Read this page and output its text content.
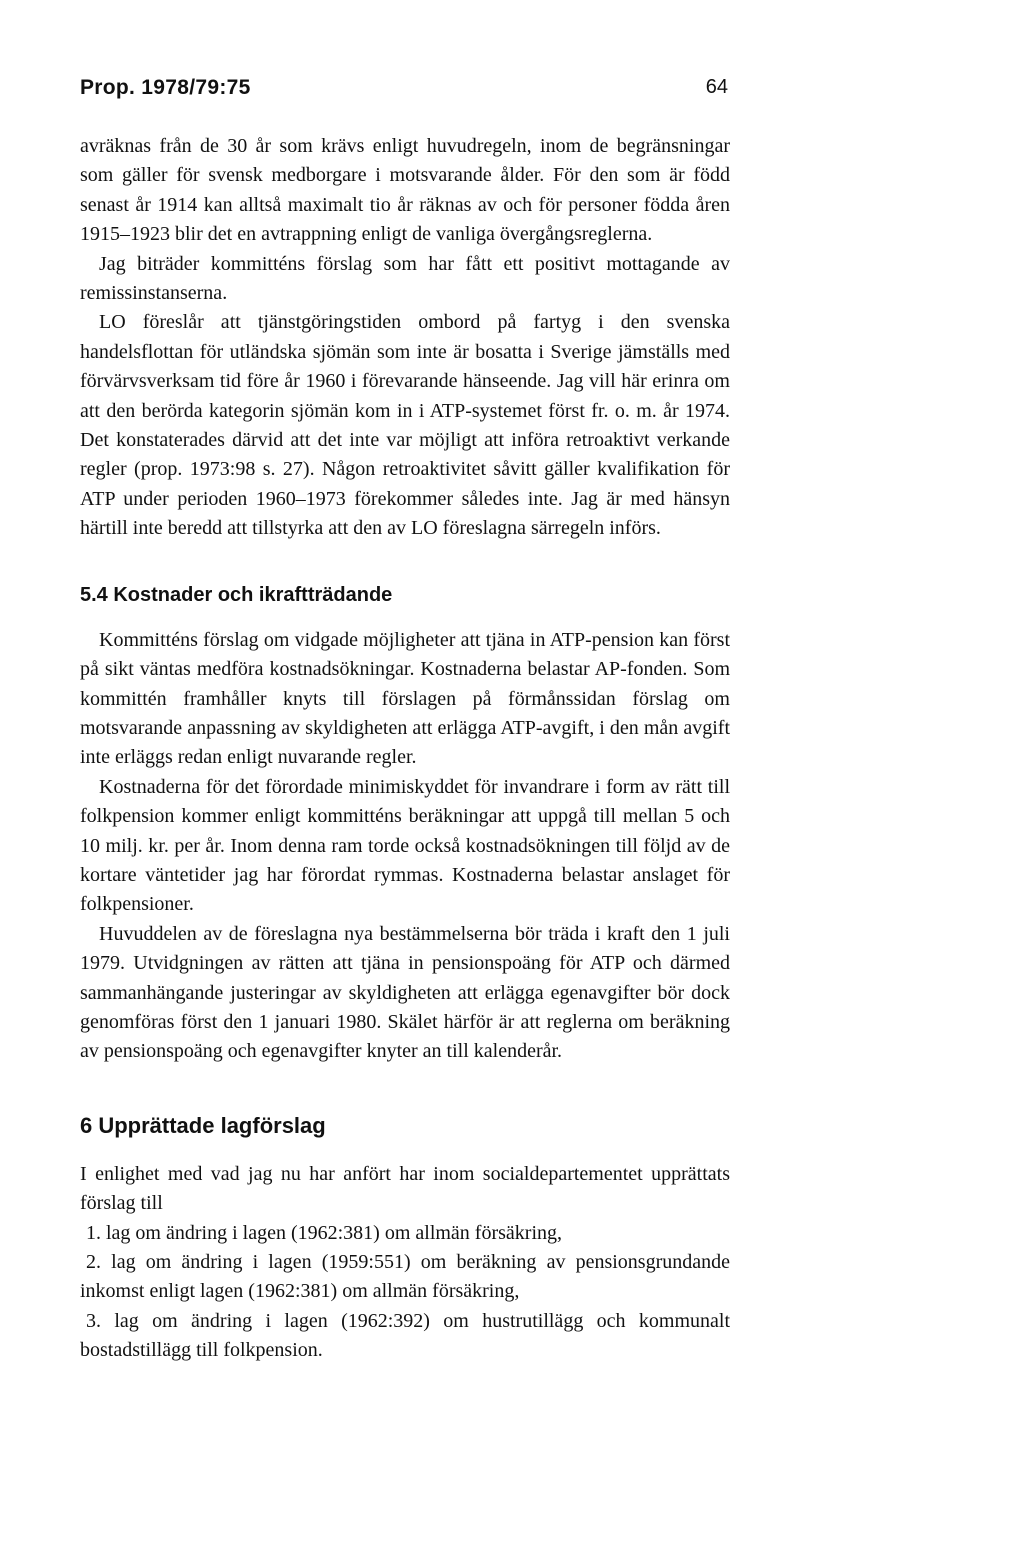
Prop. 1978/79:75	64

avräknas från de 30 år som krävs enligt huvudregeln, inom de begränsningar som gäller för svensk medborgare i motsvarande ålder. För den som är född senast år 1914 kan alltså maximalt tio år räknas av och för personer födda åren 1915–1923 blir det en avtrappning enligt de vanliga övergångsreglerna.

Jag biträder kommitténs förslag som har fått ett positivt mottagande av remissinstanserna.

LO föreslår att tjänstgöringstiden ombord på fartyg i den svenska handelsflottan för utländska sjömän som inte är bosatta i Sverige jämställs med förvärvsverksam tid före år 1960 i förevarande hänseende. Jag vill här erinra om att den berörda kategorin sjömän kom in i ATP-systemet först fr. o. m. år 1974. Det konstaterades därvid att det inte var möjligt att införa retroaktivt verkande regler (prop. 1973:98 s. 27). Någon retroaktivitet såvitt gäller kvalifikation för ATP under perioden 1960–1973 förekommer således inte. Jag är med hänsyn härtill inte beredd att tillstyrka att den av LO föreslagna särregeln införs.

5.4 Kostnader och ikraftträdande

Kommitténs förslag om vidgade möjligheter att tjäna in ATP-pension kan först på sikt väntas medföra kostnadsökningar. Kostnaderna belastar AP-fonden. Som kommittén framhåller knyts till förslagen på förmånssidan förslag om motsvarande anpassning av skyldigheten att erlägga ATP-avgift, i den mån avgift inte erläggs redan enligt nuvarande regler.

Kostnaderna för det förordade minimiskyddet för invandrare i form av rätt till folkpension kommer enligt kommitténs beräkningar att uppgå till mellan 5 och 10 milj. kr. per år. Inom denna ram torde också kostnadsökningen till följd av de kortare väntetider jag har förordat rymmas. Kostnaderna belastar anslaget för folkpensioner.

Huvuddelen av de föreslagna nya bestämmelserna bör träda i kraft den 1 juli 1979. Utvidgningen av rätten att tjäna in pensionspoäng för ATP och därmed sammanhängande justeringar av skyldigheten att erlägga egenavgifter bör dock genomföras först den 1 januari 1980. Skälet härför är att reglerna om beräkning av pensionspoäng och egenavgifter knyter an till kalenderår.

6 Upprättade lagförslag

I enlighet med vad jag nu har anfört har inom socialdepartementet upprättats förslag till

1. lag om ändring i lagen (1962:381) om allmän försäkring,

2. lag om ändring i lagen (1959:551) om beräkning av pensionsgrundande inkomst enligt lagen (1962:381) om allmän försäkring,

3. lag om ändring i lagen (1962:392) om hustrutillägg och kommunalt bostadstillägg till folkpension.
